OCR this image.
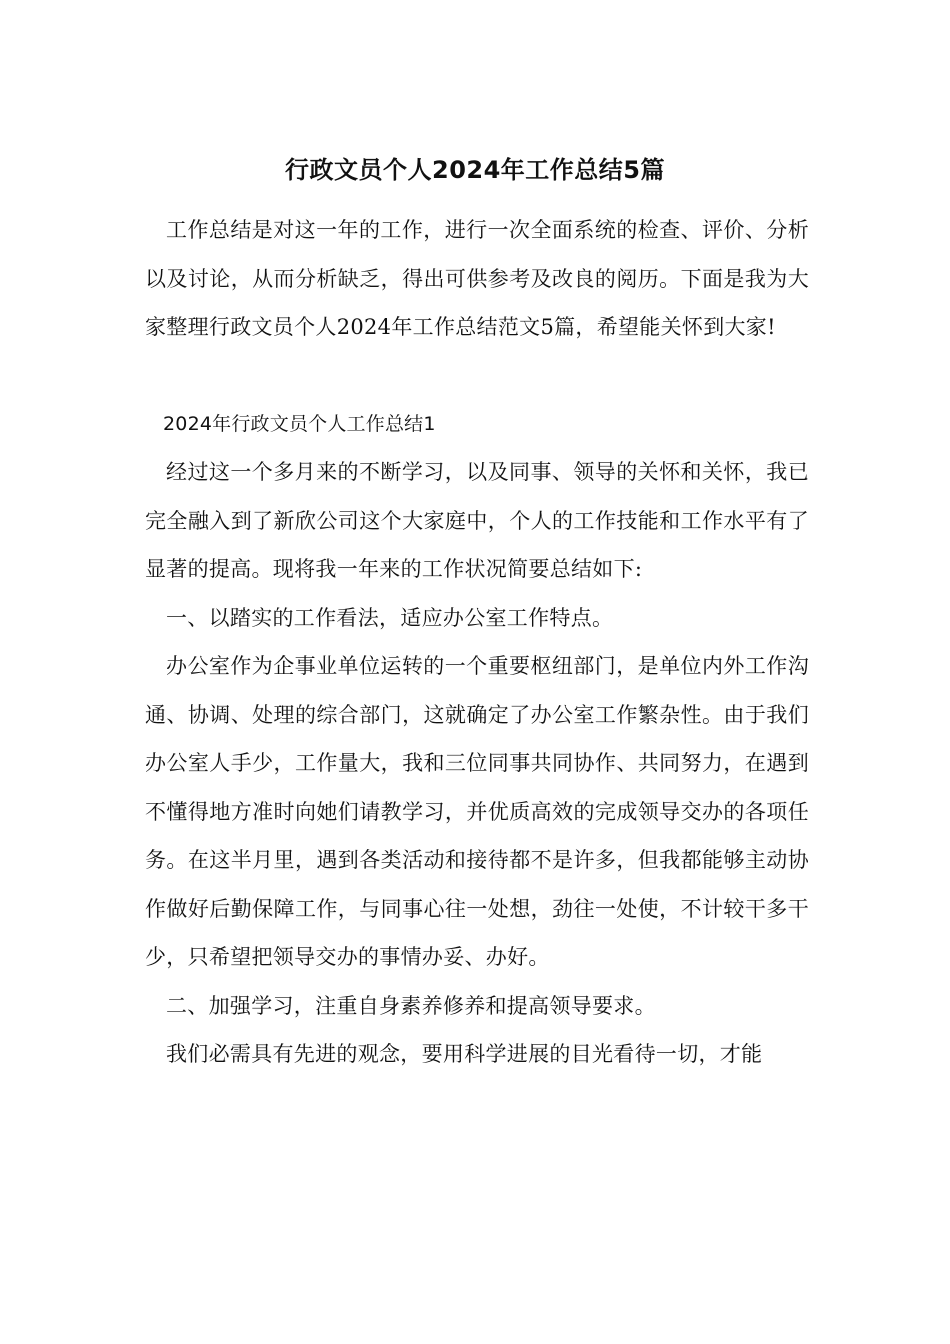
行政文员个人2024年工作总结5篇

工作总结是对这一年的工作，进行一次全面系统的检查、评价、分析以及讨论，从而分析缺乏，得出可供参考及改良的阅历。下面是我为大家整理行政文员个人2024年工作总结范文5篇，希望能关怀到大家!

2024年行政文员个人工作总结1

经过这一个多月来的不断学习，以及同事、领导的关怀和关怀，我已完全融入到了新欣公司这个大家庭中，个人的工作技能和工作水平有了显著的提高。现将我一年来的工作状况简要总结如下:

一、以踏实的工作看法，适应办公室工作特点。

办公室作为企事业单位运转的一个重要枢纽部门，是单位内外工作沟通、协调、处理的综合部门，这就确定了办公室工作繁杂性。由于我们办公室人手少，工作量大，我和三位同事共同协作、共同努力，在遇到不懂得地方准时向她们请教学习，并优质高效的完成领导交办的各项任务。在这半月里，遇到各类活动和接待都不是许多，但我都能够主动协作做好后勤保障工作，与同事心往一处想，劲往一处使，不计较干多干少，只希望把领导交办的事情办妥、办好。

二、加强学习，注重自身素养修养和提高领导要求。

我们必需具有先进的观念，要用科学进展的目光看待一切，才能
